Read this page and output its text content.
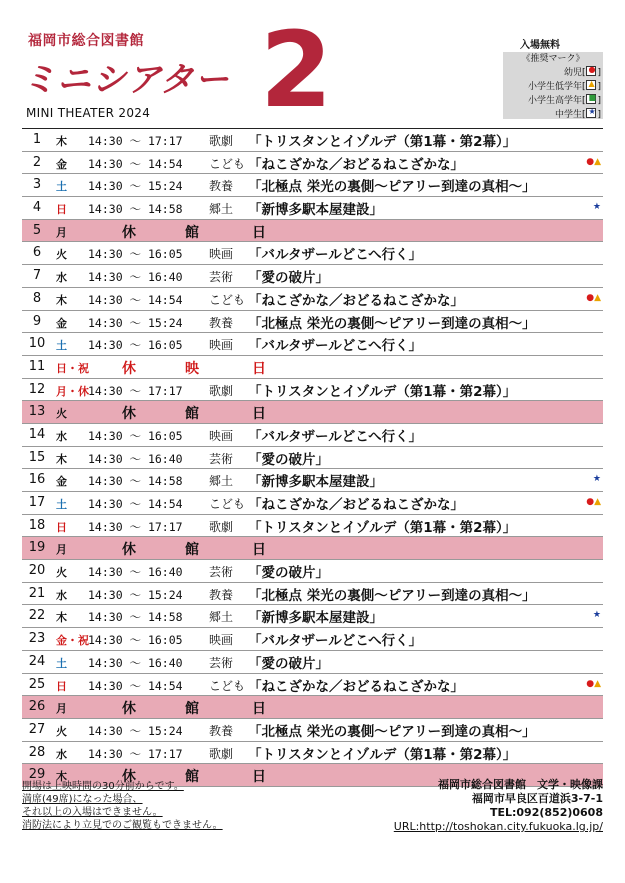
福岡市総合図書館
ミニシアター
MINI THEATER 2024 2	入場無料
《推奨マーク》
幼児[ ● ]
小学生低学年[ ▲ ]
小学生高学年[ ■ ]
中学生[ ★ ]
1	木 14:30 ～ 17:17 歌劇 「トリスタンとイゾルデ（第1幕・第2幕）」
2	金 14:30 ～ 14:54 こども 「ねこざかな／おどるねこざかな」	●▲
3	土 14:30 ～ 15:24 教養 「北極点 栄光の裏側～ピアリー到達の真相～」
4	日 14:30 ～ 14:58 郷土 「新博多駅本屋建設」	★
5	月	休	館	日
6	火 14:30 ～ 16:05 映画 「バルタザールどこへ行く」
7	水 14:30 ～ 16:40 芸術 「愛の破片」
8	木 14:30 ～ 14:54 こども 「ねこざかな／おどるねこざかな」	●▲
9	金 14:30 ～ 15:24 教養 「北極点 栄光の裏側～ピアリー到達の真相～」
10 土 14:30 ～ 16:05 映画 「バルタザールどこへ行く」
11 日・祝 休	映	日
12 月・休 14:30 ～ 17:17 歌劇 「トリスタンとイゾルデ（第1幕・第2幕）」
13 火	休	館	日
14 水 14:30 ～ 16:05 映画 「バルタザールどこへ行く」
15 木 14:30 ～ 16:40 芸術 「愛の破片」
16 金 14:30 ～ 14:58 郷土 「新博多駅本屋建設」	★
17 土 14:30 ～ 14:54 こども 「ねこざかな／おどるねこざかな」	●▲
18 日 14:30 ～ 17:17 歌劇 「トリスタンとイゾルデ（第1幕・第2幕）」
19 月	休	館	日
20 火 14:30 ～ 16:40 芸術 「愛の破片」
21 水 14:30 ～ 15:24 教養 「北極点 栄光の裏側～ピアリー到達の真相～」
22 木 14:30 ～ 14:58 郷土 「新博多駅本屋建設」	★
23 金・祝 14:30 ～ 16:05 映画 「バルタザールどこへ行く」
24 土 14:30 ～ 16:40 芸術 「愛の破片」
25 日 14:30 ～ 14:54 こども 「ねこざかな／おどるねこざかな」	●▲
26 月	休	館	日
27 火 14:30 ～ 15:24 教養 「北極点 栄光の裏側～ピアリー到達の真相～」
28 水 14:30 ～ 17:17 歌劇 「トリスタンとイゾルデ（第1幕・第2幕）」
29 木	休	館	日
開場は上映時間の30分前からです。
満席(49席)になった場合、
それ以上の入場はできません。
消防法により立見でのご観覧もできません。
福岡市総合図書館　文学・映像課
福岡市早良区百道浜3-7-1
TEL:092(852)0608
URL:http://toshokan.city.fukuoka.lg.jp/
